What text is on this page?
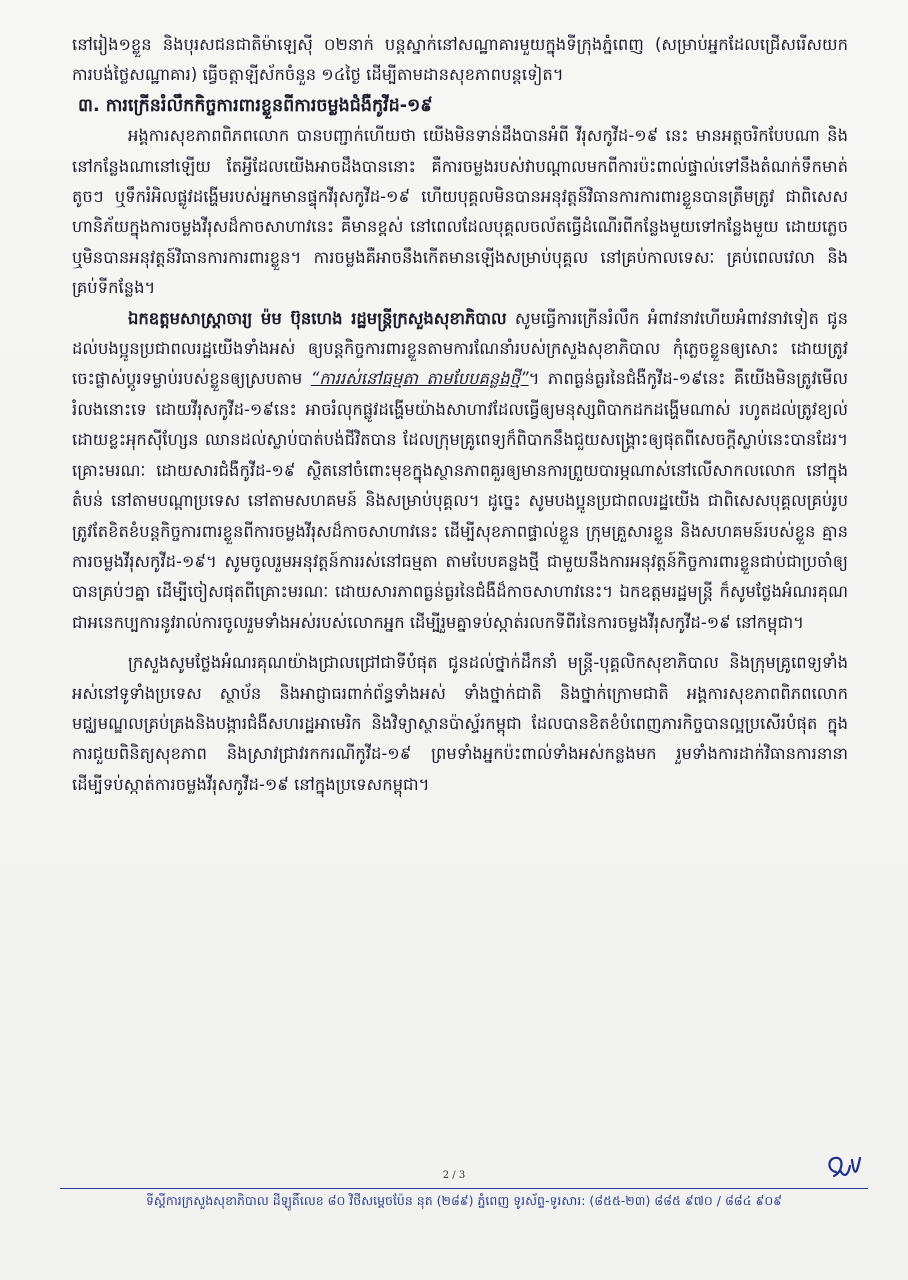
នៅរៀង១ខ្លួន និងបុរសជនជាតិម៉ាឡេស៊ី ០២នាក់ បន្តស្នាក់នៅសណ្ឋាគារមួយក្នុងទីក្រុងភ្នំពេញ (សម្រាប់អ្នកដែលជ្រើសរើសយកការបង់ថ្លៃសណ្ឋាគារ) ធ្វើចត្តាឡីស័កចំនួន ១៤ថ្ងៃ ដើម្បីតាមដានសុខភាពបន្តទៀត។

៣. ការក្រើនរំលឹកកិច្ចការពារខ្លួនពីការចម្លងជំងឺកូវីដ-១៩

អង្គការសុខភាពពិភពលោក បានបញ្ជាក់ហើយថា យើងមិនទាន់ដឹងបានអំពី វីរុសកូវីដ-១៩ នេះ មានអត្តចរិកបែបណា និងនៅកន្លែងណានៅឡើយ តែអ្វីដែលយើងអាចដឹងបាននោះ គឺការចម្លងរបស់វាបណ្តាលមកពីការប៉ះពាល់ផ្ទាល់ទៅនឹងតំណក់ទឹកមាត់តូចៗ ឬទឹករំអិលផ្លូវដង្ហើមរបស់អ្នកមានផ្ទុកវីរុសកូវីដ-១៩ ហើយបុគ្គលមិនបានអនុវត្តន៍វិធានការការពារខ្លួនបានត្រឹមត្រូវ ជាពិសេស ហានិភ័យក្នុងការចម្លងវីរុសដ៏កាចសាហាវនេះ គឺមានខ្ពស់ នៅពេលដែលបុគ្គលចល័តធ្វើដំណើរពីកន្លែងមួយទៅកន្លែងមួយ ដោយភ្លេច ឬមិនបានអនុវត្តន៍វិធានការការពារខ្លួន។ ការចម្លងគឺអាចនឹងកើតមានឡើងសម្រាប់បុគ្គល នៅគ្រប់កាលទេសៈ គ្រប់ពេលវេលា និងគ្រប់ទីកន្លែង។

ឯកឧត្តមសាស្ត្រាចារ្យ ម៉ម ប៊ុនហេង រដ្ឋមន្ត្រីក្រសួងសុខាភិបាល សូមធ្វើការក្រើនរំលឹក អំពាវនាវហើយអំពាវនាវទៀត ជូនដល់បងប្អូនប្រជាពលរដ្ឋយើងទាំងអស់ ឲ្យបន្តកិច្ចការពារខ្លួនតាមការណែនាំរបស់ក្រសួងសុខាភិបាល កុំភ្លេចខ្លួនឲ្យសោះ ដោយត្រូវចេះផ្លាស់ប្តូរទម្លាប់របស់ខ្លួនឲ្យស្របតាម “ការរស់នៅធម្មតា តាមបែបគន្លងថ្មី”។ ភាពធ្ងន់ធ្ងរនៃជំងឺកូវីដ-១៩នេះ គឺយើងមិនត្រូវមើលរំលងនោះទេ ដោយវីរុសកូវីដ-១៩នេះ អាចរំលុកផ្លូវដង្ហើមយ៉ាងសាហាវដែលធ្វើឲ្យមនុស្សពិបាកដកដង្ហើមណាស់ រហូតដល់ត្រូវខ្យល់ដោយខ្លះអុកស៊ីហ្សែន ឈានដល់ស្លាប់បាត់បង់ជីវិតបាន ដែលក្រុមគ្រូពេទ្យក៏ពិបាកនឹងជួយសង្គ្រោះឲ្យផុតពីសេចក្តីស្លាប់នេះបានដែរ។ គ្រោះមរណៈ ដោយសារជំងឺកូវីដ-១៩ ស្ថិតនៅចំពោះមុខក្នុងស្ថានភាពគួរឲ្យមានការព្រួយបារម្ភណាស់នៅលើសាកលលោក នៅក្នុងតំបន់ នៅតាមបណ្តាប្រទេស នៅតាមសហគមន៍ និងសម្រាប់បុគ្គល។ ដូច្នេះ សូមបងប្អូនប្រជាពលរដ្ឋយើង ជាពិសេសបុគ្គលគ្រប់រូប ត្រូវតែខិតខំបន្តកិច្ចការពារខ្លួនពីការចម្លងវីរុសដ៏កាចសាហាវនេះ ដើម្បីសុខភាពផ្ទាល់ខ្លួន ក្រុមគ្រួសារខ្លួន និងសហគមន៍របស់ខ្លួន គ្មានការចម្លងវីរុសកូវីដ-១៩។ សូមចូលរួមអនុវត្តន៍ការរស់នៅធម្មតា តាមបែបគន្លងថ្មី ជាមួយនឹងការអនុវត្តន៍កិច្ចការពារខ្លួនជាប់ជាប្រចាំឲ្យបានគ្រប់ៗគ្នា ដើម្បីចៀសផុតពីគ្រោះមរណៈ ដោយសារភាពធ្ងន់ធ្ងរនៃជំងឺដ៏កាចសាហាវនេះ។ ឯកឧត្តមរដ្ឋមន្ត្រី ក៏សូមថ្លែងអំណរគុណជាអនេកប្បការនូវរាល់ការចូលរួមទាំងអស់របស់លោកអ្នក ដើម្បីរួមគ្នាទប់ស្កាត់រលកទីពីរនៃការចម្លងវីរុសកូវីដ-១៩ នៅកម្ពុជា។

ក្រសួងសូមថ្លែងអំណរគុណយ៉ាងជ្រាលជ្រៅជាទីបំផុត ជូនដល់ថ្នាក់ដឹកនាំ មន្ត្រី-បុគ្គលិកសុខាភិបាល និងក្រុមគ្រូពេទ្យទាំងអស់នៅទូទាំងប្រទេស ស្ថាប័ន និងអាជ្ញាធរពាក់ព័ន្ធទាំងអស់ ទាំងថ្នាក់ជាតិ និងថ្នាក់ក្រោមជាតិ អង្គការសុខភាពពិភពលោក មជ្ឈមណ្ឌលគ្រប់គ្រងនិងបង្ការជំងឺសហរដ្ឋអាមេរិក និងវិទ្យាស្ថានប៉ាស្ទ័រកម្ពុជា ដែលបានខិតខំបំពេញភារកិច្ចបានល្អប្រសើរបំផុត ក្នុងការជួយពិនិត្យសុខភាព និងស្រាវជ្រាវរកករណីកូវីដ-១៩ ព្រមទាំងអ្នកប៉ះពាល់ទាំងអស់កន្លងមក រួមទាំងការដាក់វិធានការនានា ដើម្បីទប់ស្កាត់ការចម្លងវីរុសកូវីដ-១៩ នៅក្នុងប្រទេសកម្ពុជា។

2 / 3
ទីស្តីការក្រសួងសុខាភិបាល ដីឡូតិ៍លេខ ៨០ វិថីសម្តេចប៉ែន នុត (២៨៩) ភ្នំពេញ ទូរស័ព្ទ-ទូរសារ: (៨៥៥-២៣) ៨៨៥ ៩៧០ / ៨៨៤ ៩០៩
